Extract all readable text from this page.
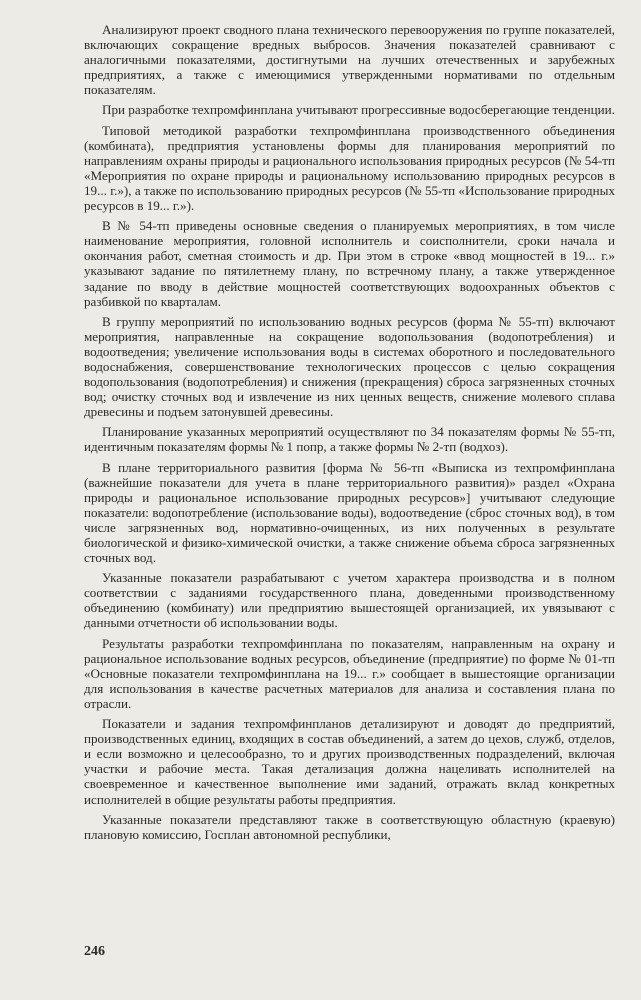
Анализируют проект сводного плана технического перевооружения по группе показателей, включающих сокращение вредных выбросов. Значения показателей сравнивают с аналогичными показателями, достигнутыми на лучших отечественных и зарубежных предприятиях, а также с имеющимися утвержденными нормативами по отдельным показателям.

При разработке техпромфинплана учитывают прогрессивные водосберегающие тенденции.

Типовой методикой разработки техпромфинплана производственного объединения (комбината), предприятия установлены формы для планирования мероприятий по направлениям охраны природы и рационального использования природных ресурсов (№ 54-тп «Мероприятия по охране природы и рациональному использованию природных ресурсов в 19... г.»), а также по использованию природных ресурсов (№ 55-тп «Использование природных ресурсов в 19... г.»).

В № 54-тп приведены основные сведения о планируемых мероприятиях, в том числе наименование мероприятия, головной исполнитель и соисполнители, сроки начала и окончания работ, сметная стоимость и др. При этом в строке «ввод мощностей в 19... г.» указывают задание по пятилетнему плану, по встречному плану, а также утвержденное задание по вводу в действие мощностей соответствующих водоохранных объектов с разбивкой по кварталам.

В группу мероприятий по использованию водных ресурсов (форма № 55-тп) включают мероприятия, направленные на сокращение водопользования (водопотребления) и водоотведения; увеличение использования воды в системах оборотного и последовательного водоснабжения, совершенствование технологических процессов с целью сокращения водопользования (водопотребления) и снижения (прекращения) сброса загрязненных сточных вод; очистку сточных вод и извлечение из них ценных веществ, снижение молевого сплава древесины и подъем затонувшей древесины.

Планирование указанных мероприятий осуществляют по 34 показателям формы № 55-тп, идентичным показателям формы № 1 попр, а также формы № 2-тп (водхоз).

В плане территориального развития [форма № 56-тп «Выписка из техпромфинплана (важнейшие показатели для учета в плане территориального развития)» раздел «Охрана природы и рациональное использование природных ресурсов»] учитывают следующие показатели: водопотребление (использование воды), водоотведение (сброс сточных вод), в том числе загрязненных вод, нормативно-очищенных, из них полученных в результате биологической и физико-химической очистки, а также снижение объема сброса загрязненных сточных вод.

Указанные показатели разрабатывают с учетом характера производства и в полном соответствии с заданиями государственного плана, доведенными производственному объединению (комбинату) или предприятию вышестоящей организацией, их увязывают с данными отчетности об использовании воды.

Результаты разработки техпромфинплана по показателям, направленным на охрану и рациональное использование водных ресурсов, объединение (предприятие) по форме № 01-тп «Основные показатели техпромфинплана на 19... г.» сообщает в вышестоящие организации для использования в качестве расчетных материалов для анализа и составления плана по отрасли.

Показатели и задания техпромфинпланов детализируют и доводят до предприятий, производственных единиц, входящих в состав объединений, а затем до цехов, служб, отделов, и если возможно и целесообразно, то и других производственных подразделений, включая участки и рабочие места. Такая детализация должна нацеливать исполнителей на своевременное и качественное выполнение ими заданий, отражать вклад конкретных исполнителей в общие результаты работы предприятия.

Указанные показатели представляют также в соответствующую областную (краевую) плановую комиссию, Госплан автономной республики,

246
